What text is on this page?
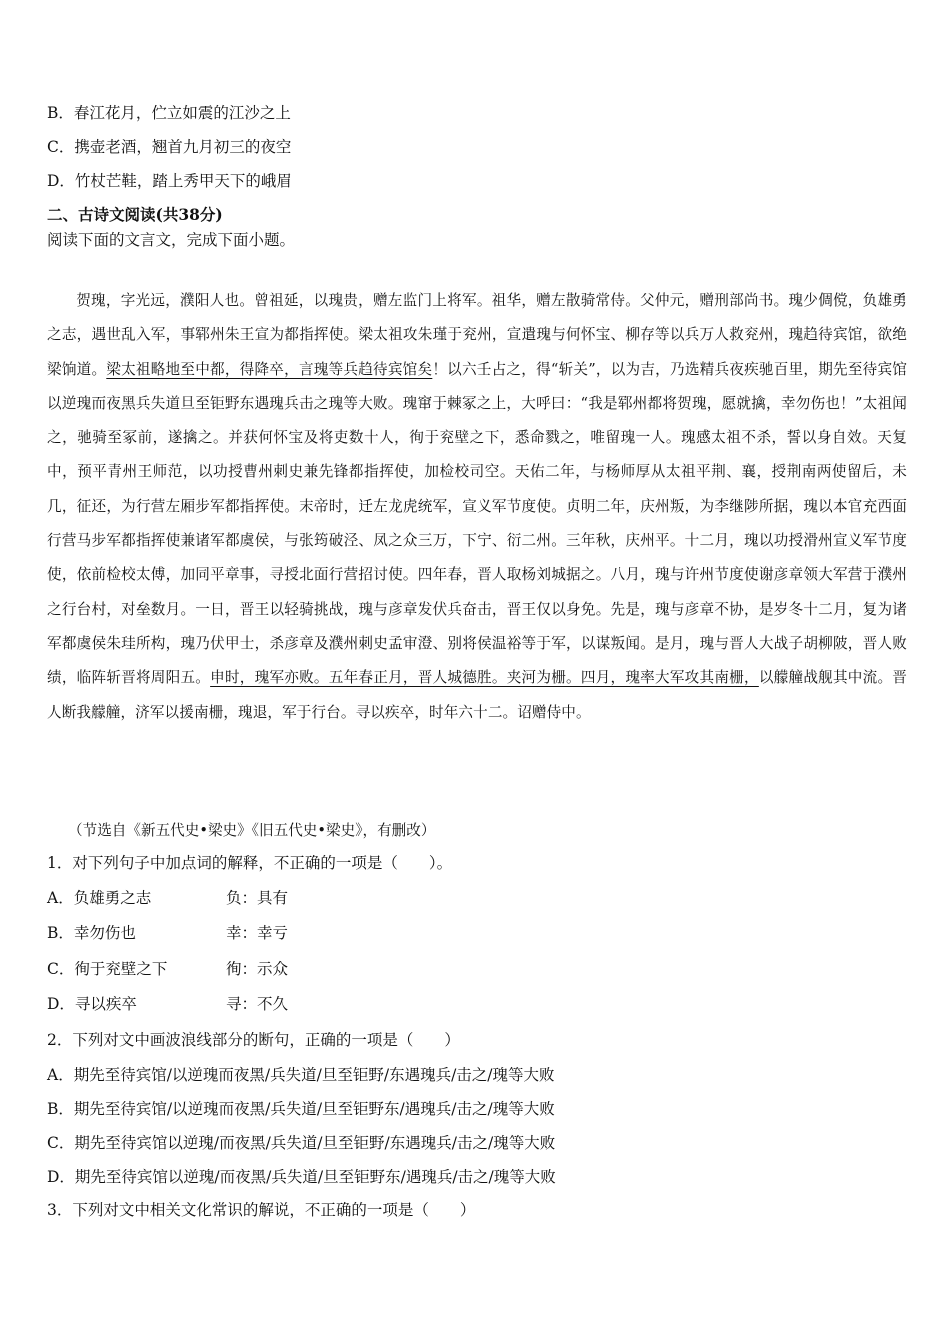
B．春江花月，伫立如震的江沙之上
C．携壶老酒，翘首九月初三的夜空
D．竹杖芒鞋，踏上秀甲天下的峨眉
二、古诗文阅读(共38分)
阅读下面的文言文，完成下面小题。
贺瑰，字光远，濮阳人也。曾祖延，以瑰贵，赠左监门上将军。祖华，赠左散骑常侍。父仲元，赠刑部尚书。瑰少倜傥，负雄勇之志，遇世乱入军，事郓州朱王宣为都指挥使。梁太祖攻朱瑾于兖州，宣遣瑰与何怀宝、柳存等以兵万人救兖州，瑰趋待宾馆，欲绝梁饷道。梁太祖略地至中都，得降卒，言瑰等兵趋待宾馆矣！以六壬占之，得“斩关”，以为吉，乃选精兵夜疾驰百里，期先至待宾馆以逆瑰而夜黑兵失道旦至钜野东遇瑰兵击之瑰等大败。瑰窜于棘冢之上，大呼曰：“我是郓州都将贺瑰，愿就擒，幸勿伤也！”太祖闻之，驰骑至冢前，遂擒之。并获何怀宝及将吏数十人，徇于兖壁之下，悉命戮之，唯留瑰一人。瑰感太祖不杀，誓以身自效。天复中，预平青州王师范，以功授曹州刺史兼先锋都指挥使，加检校司空。天佑二年，与杨师厚从太祖平荆、襄，授荆南两使留后，未几，征还，为行营左厢步军都指挥使。末帝时，迁左龙虎统军，宣义军节度使。贞明二年，庆州叛，为李继陟所据，瑰以本官充西面行营马步军都指挥使兼诸军都虞侯，与张筠破泾、凤之众三万，下宁、衍二州。三年秋，庆州平。十二月，瑰以功授滑州宣义军节度使，依前检校太傅，加同平章事，寻授北面行营招讨使。四年春，晋人取杨刘城据之。八月，瑰与许州节度使谢彦章领大军营于濮州之行台村，对垒数月。一日，晋王以轻骑挑战，瑰与彦章发伏兵奋击，晋王仅以身免。先是，瑰与彦章不协，是岁冬十二月，复为诸军都虞侯朱珪所构，瑰乃伏甲士，杀彦章及濮州刺史孟审澄、别将侯温裕等于军，以谋叛闻。是月，瑰与晋人大战子胡柳陂，晋人败绩，临阵斩晋将周阳五。申时，瑰军亦败。五年春正月，晋人城德胜。夹河为栅。四月，瑰率大军攻其南栅，以艨艟战舰其中流。晋人断我艨艟，济军以援南栅，瑰退，军于行台。寻以疾卒，时年六十二。诏赠侍中。
（节选自《新五代史•梁史》《旧五代史•梁史》，有删改）
1．对下列句子中加点词的解释，不正确的一项是（　　）。
A．负雄勇之志	负：具有
B．幸勿伤也	幸：幸亏
C．徇于兖壁之下	徇：示众
D．寻以疾卒	寻：不久
2．下列对文中画波浪线部分的断句，正确的一项是（　　）
A．期先至待宾馆/以逆瑰而夜黑/兵失道/旦至钜野/东遇瑰兵/击之/瑰等大败
B．期先至待宾馆/以逆瑰而夜黑/兵失道/旦至钜野东/遇瑰兵/击之/瑰等大败
C．期先至待宾馆以逆瑰/而夜黑/兵失道/旦至钜野/东遇瑰兵/击之/瑰等大败
D．期先至待宾馆以逆瑰/而夜黑/兵失道/旦至钜野东/遇瑰兵/击之/瑰等大败
3．下列对文中相关文化常识的解说，不正确的一项是（　　）
